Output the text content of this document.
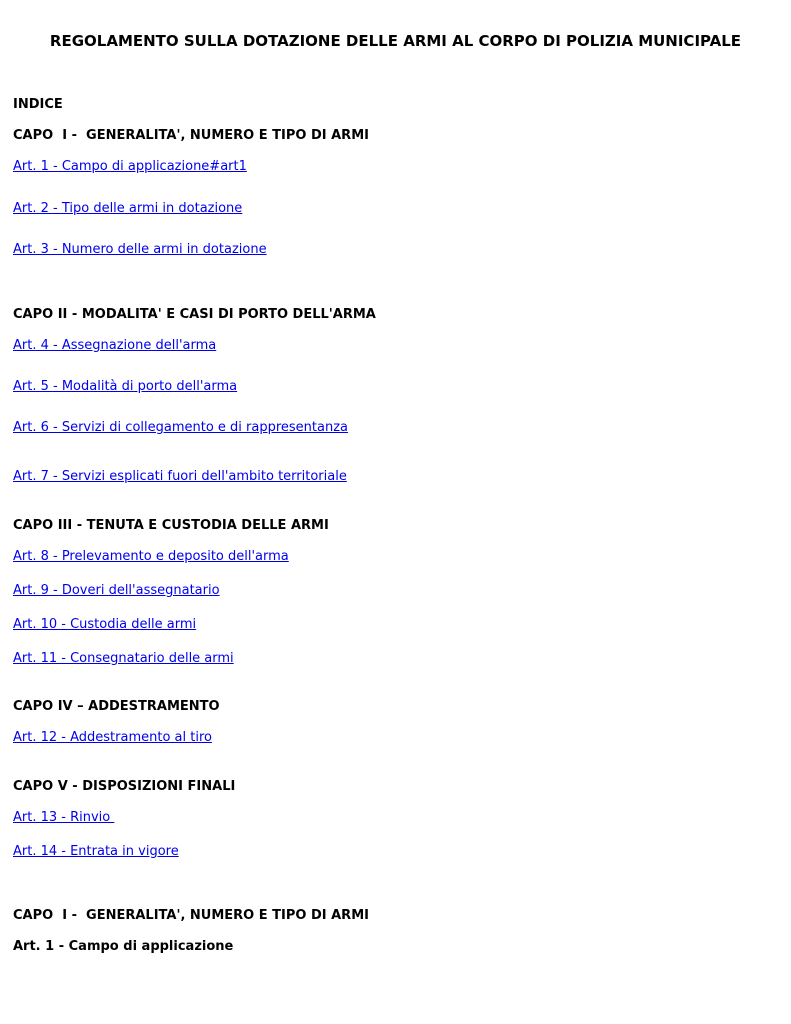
REGOLAMENTO SULLA DOTAZIONE DELLE ARMI AL CORPO DI POLIZIA MUNICIPALE
INDICE
CAPO  I -  GENERALITA', NUMERO E TIPO DI ARMI
Art. 1 - Campo di applicazione#art1
Art. 2 - Tipo delle armi in dotazione
Art. 3 - Numero delle armi in dotazione
CAPO II - MODALITA' E CASI DI PORTO DELL'ARMA
Art. 4 - Assegnazione dell'arma
Art. 5 - Modalità di porto dell'arma
Art. 6 - Servizi di collegamento e di rappresentanza
Art. 7 - Servizi esplicati fuori dell'ambito territoriale
CAPO III - TENUTA E CUSTODIA DELLE ARMI
Art. 8 - Prelevamento e deposito dell'arma
Art. 9 - Doveri dell'assegnatario
Art. 10 - Custodia delle armi
Art. 11 - Consegnatario delle armi
CAPO IV – ADDESTRAMENTO
Art. 12 - Addestramento al tiro
CAPO V - DISPOSIZIONI FINALI
Art. 13 - Rinvio
Art. 14 - Entrata in vigore
CAPO  I -  GENERALITA', NUMERO E TIPO DI ARMI
Art. 1 - Campo di applicazione
